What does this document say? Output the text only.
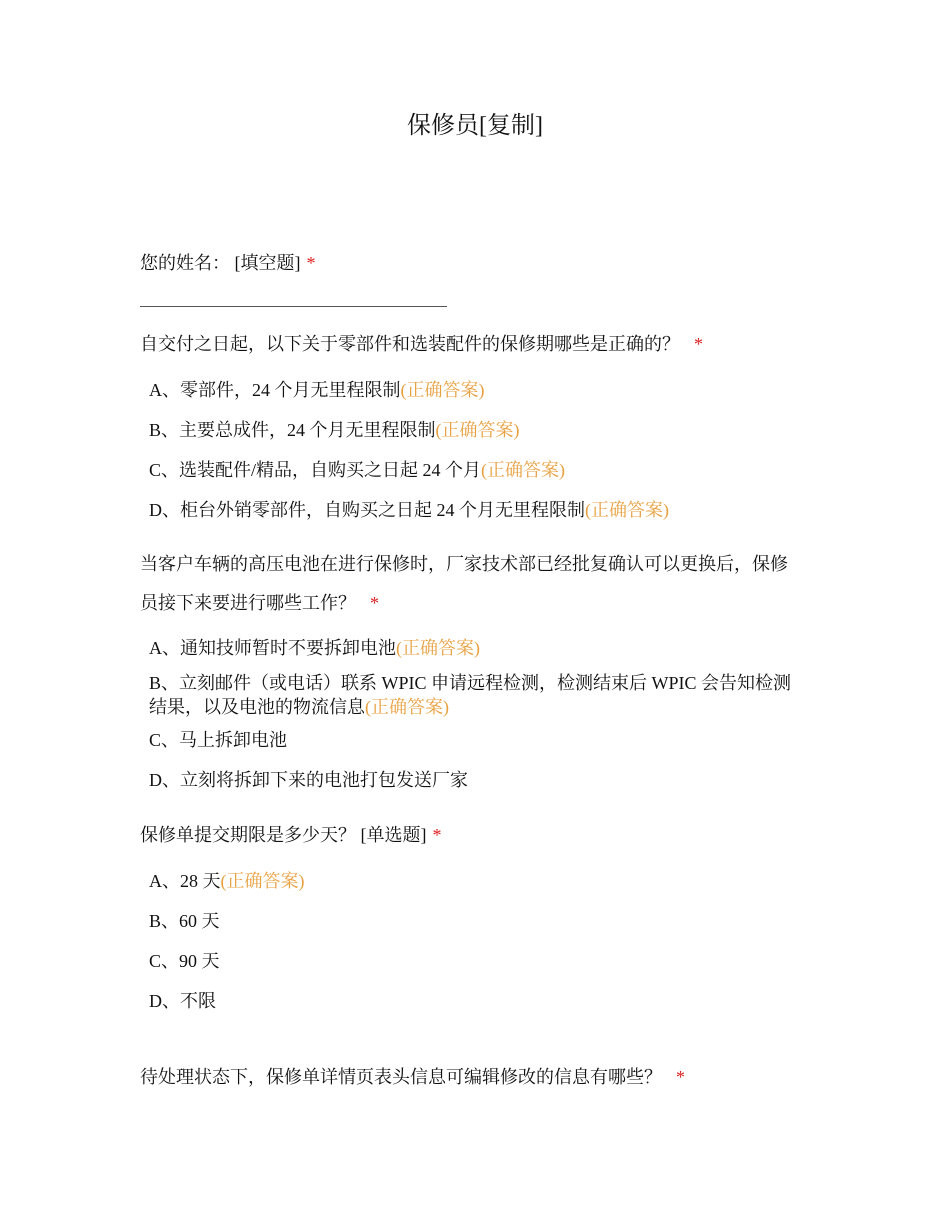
保修员[复制]
您的姓名： [填空题] *
自交付之日起，以下关于零部件和选装配件的保修期哪些是正确的？ *
A、零部件，24 个月无里程限制(正确答案)
B、主要总成件，24 个月无里程限制(正确答案)
C、选装配件/精品，自购买之日起 24 个月(正确答案)
D、柜台外销零部件，自购买之日起 24 个月无里程限制(正确答案)
当客户车辆的高压电池在进行保修时，厂家技术部已经批复确认可以更换后，保修
员接下来要进行哪些工作？ *
A、通知技师暂时不要拆卸电池(正确答案)
B、立刻邮件（或电话）联系 WPIC 申请远程检测，检测结束后 WPIC 会告知检测结果，以及电池的物流信息(正确答案)
C、马上拆卸电池
D、立刻将拆卸下来的电池打包发送厂家
保修单提交期限是多少天？ [单选题] *
A、28 天(正确答案)
B、60 天
C、90 天
D、不限
待处理状态下，保修单详情页表头信息可编辑修改的信息有哪些？ *
